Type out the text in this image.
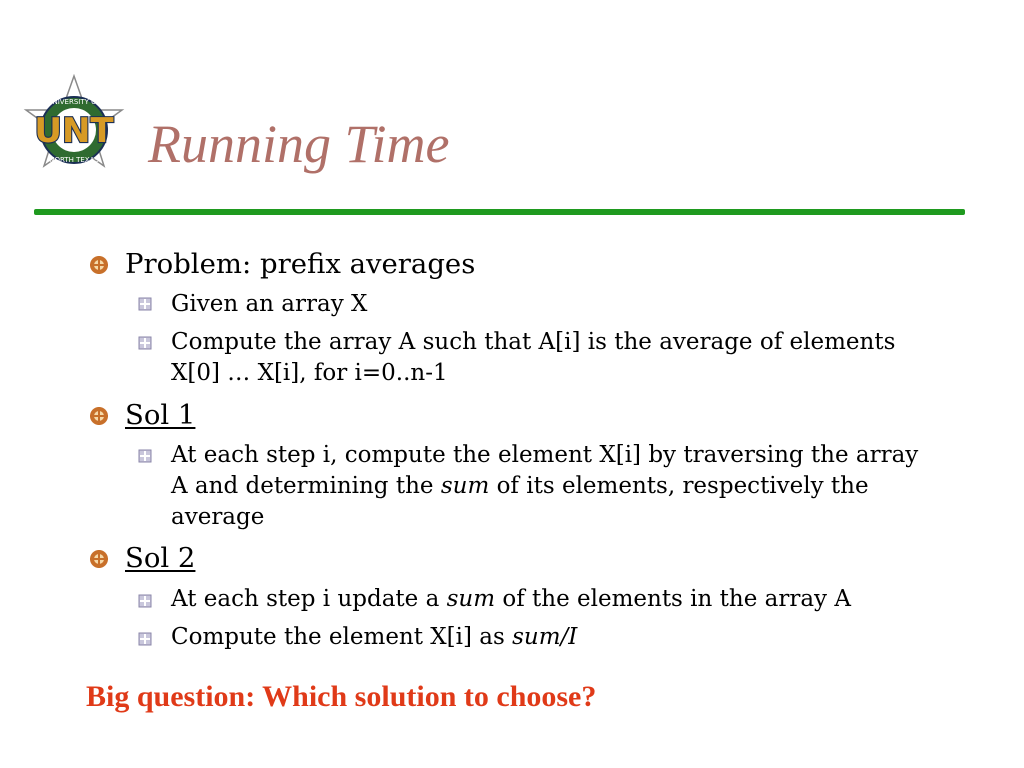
UNIVERSITY OF
NORTH TEXAS
UNT Running Time
Problem: prefix averages
Given an array X
Compute the array A such that A[i] is the average of elements X[0] … X[i], for i=0..n-1
Sol 1
At each step i, compute the element X[i] by traversing the array A and determining the sum of its elements, respectively the average
Sol 2
At each step i update a sum of the elements in the array A
Compute the element X[i] as sum/I
Big question: Which solution to choose?
